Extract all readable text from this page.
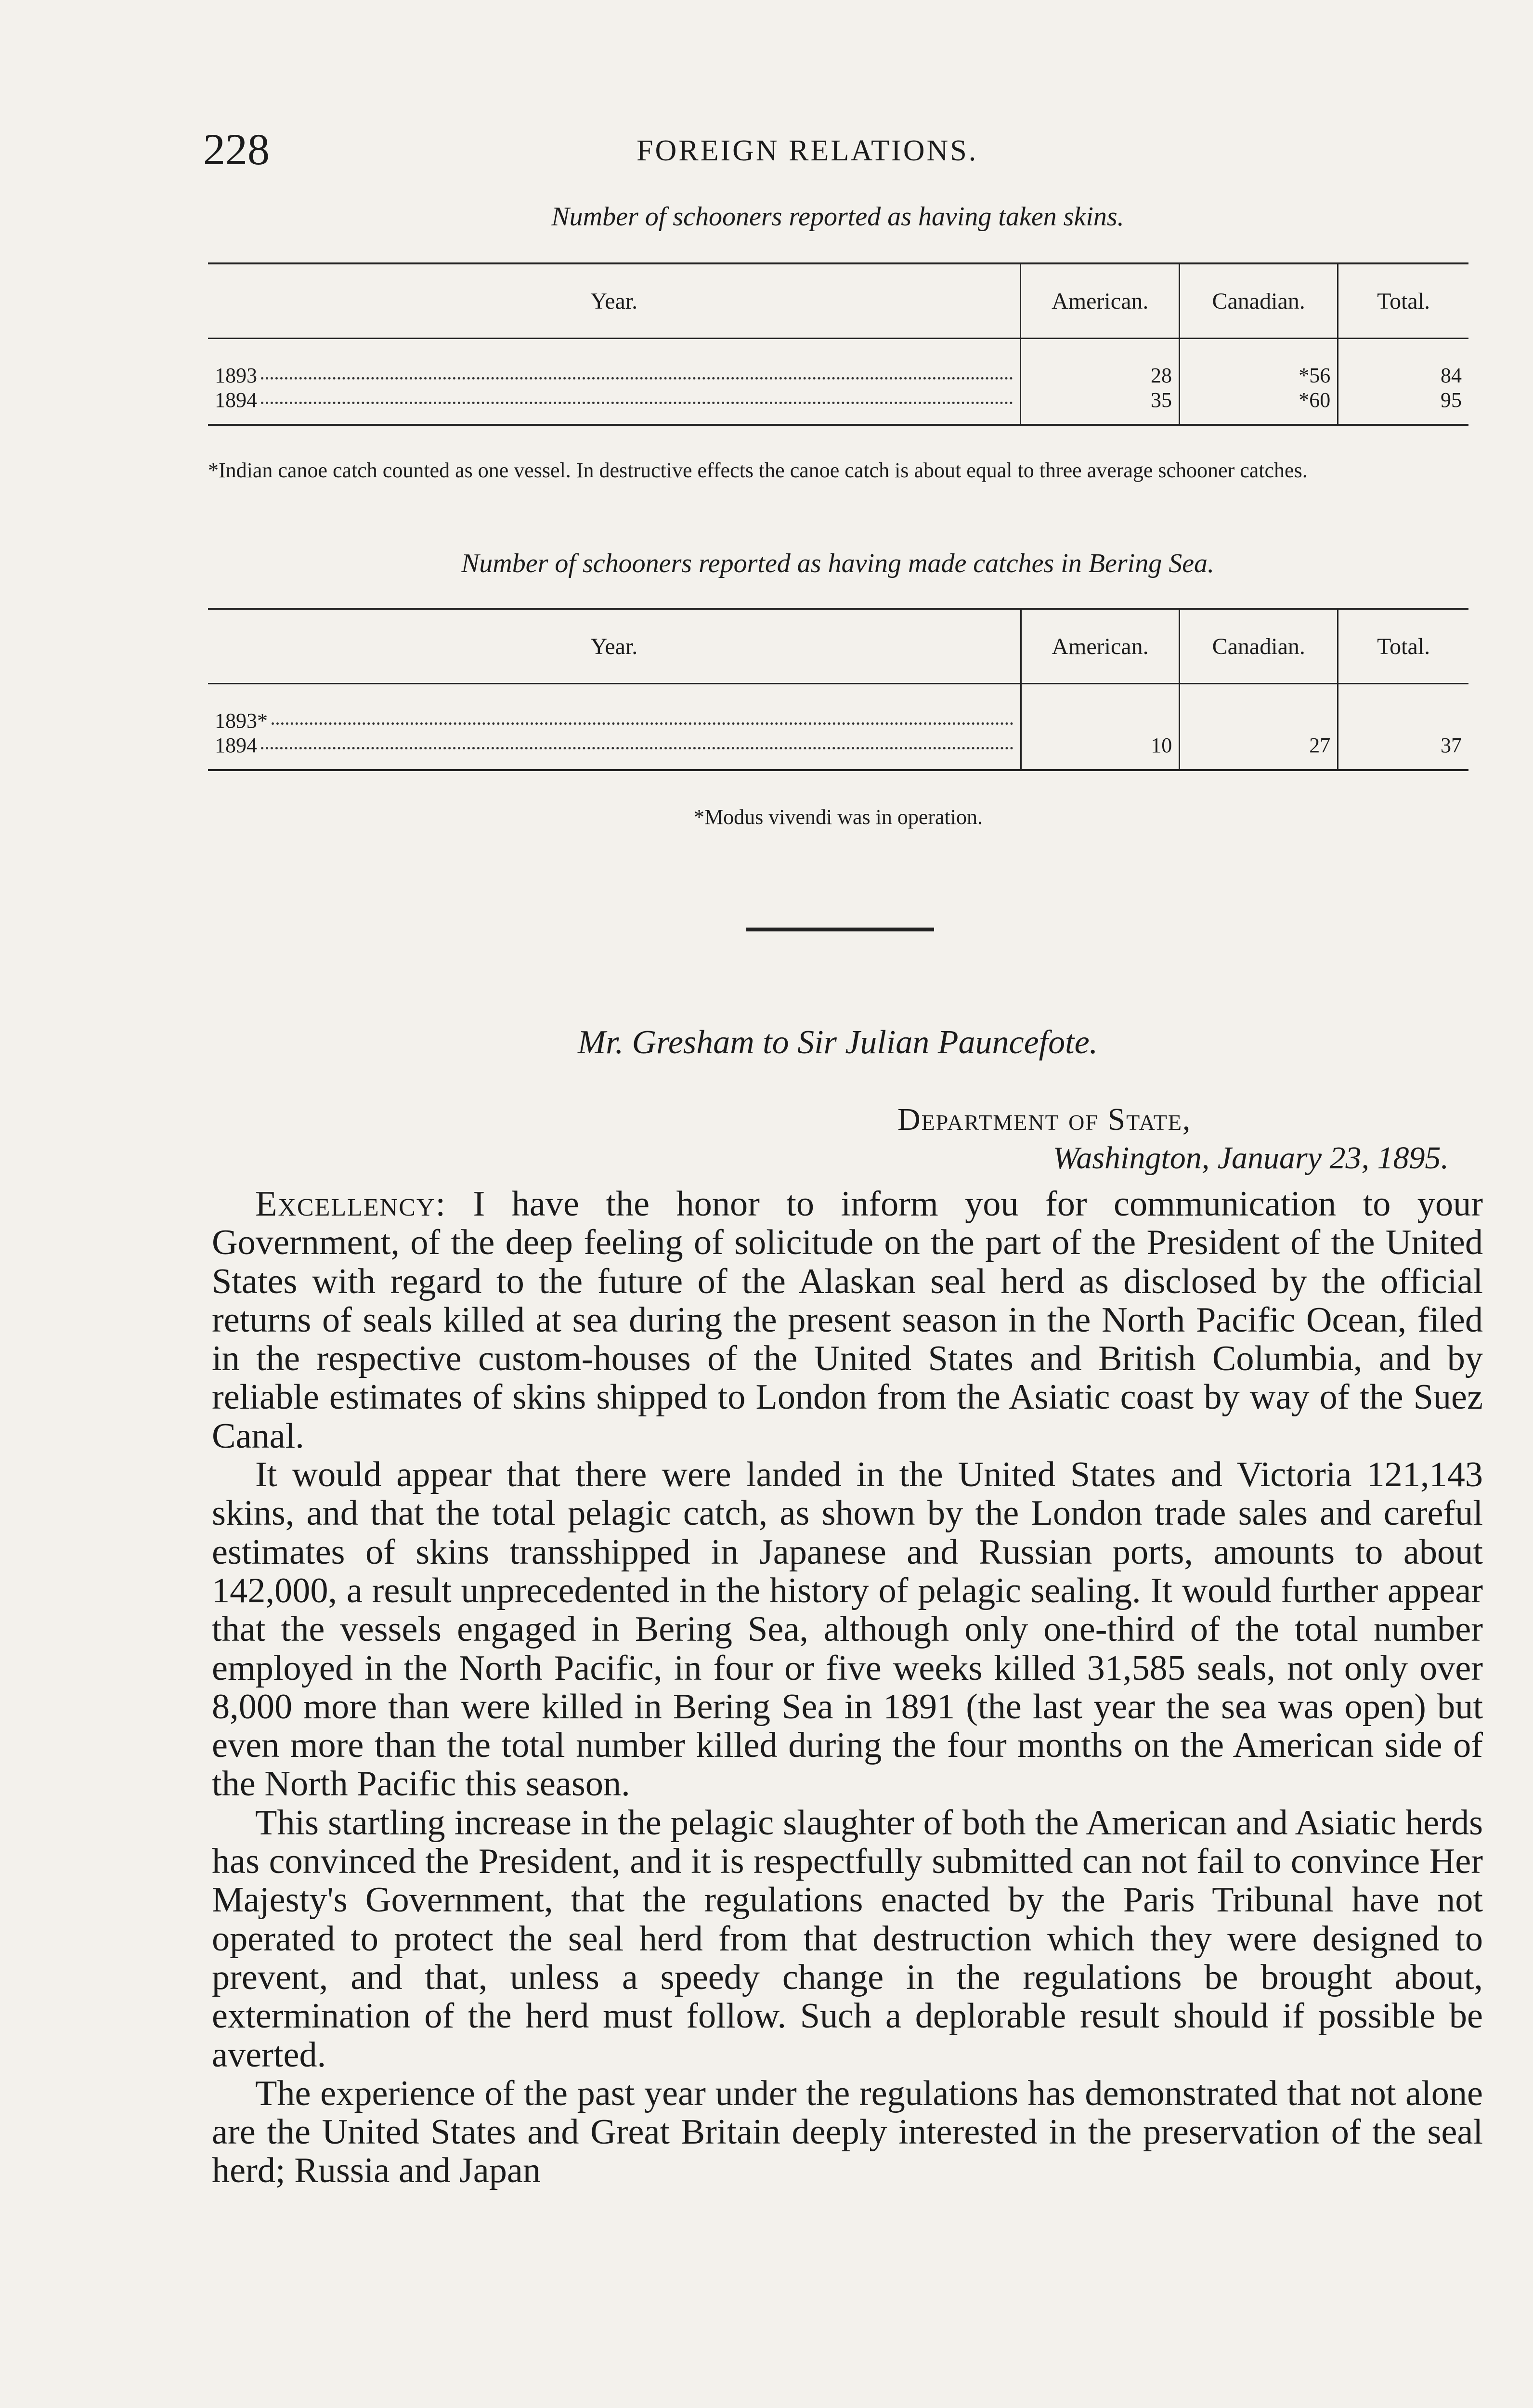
228	FOREIGN RELATIONS.
Number of schooners reported as having taken skins.
Year.	American.	Canadian.	Total.

1893	28	*56	84

1894	35	*60	95
*Indian canoe catch counted as one vessel. In destructive effects the canoe catch is about equal to three average schooner catches.
Number of schooners reported as having made catches in Bering Sea.
Year.	American.	Canadian.	Total.

1893*			

1894	10	27	37
*Modus vivendi was in operation.
Mr. Gresham to Sir Julian Pauncefote.
Department of State,
Washington, January 23, 1895.

Excellency: I have the honor to inform you for communication to your Government, of the deep feeling of solicitude on the part of the President of the United States with regard to the future of the Alaskan seal herd as disclosed by the official returns of seals killed at sea during the present season in the North Pacific Ocean, filed in the respective custom-houses of the United States and British Columbia, and by reliable estimates of skins shipped to London from the Asiatic coast by way of the Suez Canal.

It would appear that there were landed in the United States and Victoria 121,143 skins, and that the total pelagic catch, as shown by the London trade sales and careful estimates of skins transshipped in Japanese and Russian ports, amounts to about 142,000, a result unprecedented in the history of pelagic sealing. It would further appear that the vessels engaged in Bering Sea, although only one-third of the total number employed in the North Pacific, in four or five weeks killed 31,585 seals, not only over 8,000 more than were killed in Bering Sea in 1891 (the last year the sea was open) but even more than the total number killed during the four months on the American side of the North Pacific this season.

This startling increase in the pelagic slaughter of both the American and Asiatic herds has convinced the President, and it is respectfully submitted can not fail to convince Her Majesty's Government, that the regulations enacted by the Paris Tribunal have not operated to protect the seal herd from that destruction which they were designed to prevent, and that, unless a speedy change in the regulations be brought about, extermination of the herd must follow. Such a deplorable result should if possible be averted.

The experience of the past year under the regulations has demonstrated that not alone are the United States and Great Britain deeply interested in the preservation of the seal herd; Russia and Japan
